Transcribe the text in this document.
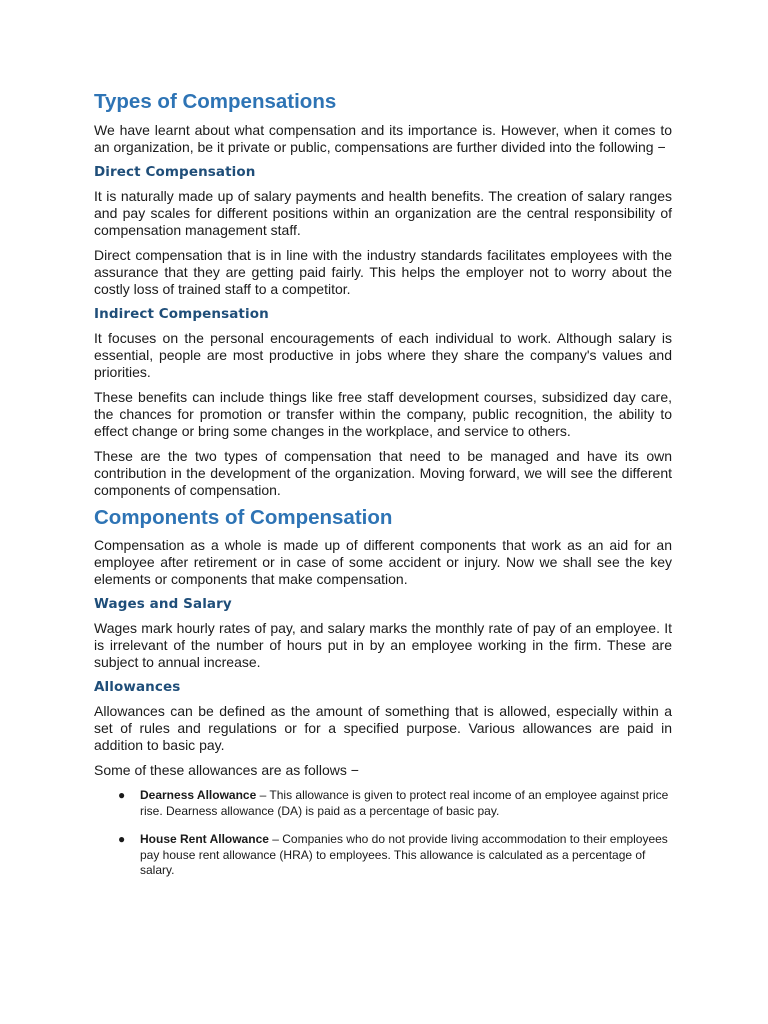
Types of Compensations

We have learnt about what compensation and its importance is. However, when it comes to an organization, be it private or public, compensations are further divided into the following −

Direct Compensation

It is naturally made up of salary payments and health benefits. The creation of salary ranges and pay scales for different positions within an organization are the central responsibility of compensation management staff.

Direct compensation that is in line with the industry standards facilitates employees with the assurance that they are getting paid fairly. This helps the employer not to worry about the costly loss of trained staff to a competitor.

Indirect Compensation

It focuses on the personal encouragements of each individual to work. Although salary is essential, people are most productive in jobs where they share the company's values and priorities.

These benefits can include things like free staff development courses, subsidized day care, the chances for promotion or transfer within the company, public recognition, the ability to effect change or bring some changes in the workplace, and service to others.

These are the two types of compensation that need to be managed and have its own contribution in the development of the organization. Moving forward, we will see the different components of compensation.

Components of Compensation

Compensation as a whole is made up of different components that work as an aid for an employee after retirement or in case of some accident or injury. Now we shall see the key elements or components that make compensation.

Wages and Salary

Wages mark hourly rates of pay, and salary marks the monthly rate of pay of an employee. It is irrelevant of the number of hours put in by an employee working in the firm. These are subject to annual increase.

Allowances

Allowances can be defined as the amount of something that is allowed, especially within a set of rules and regulations or for a specified purpose. Various allowances are paid in addition to basic pay.

Some of these allowances are as follows −

● Dearness Allowance – This allowance is given to protect real income of an employee against price rise. Dearness allowance (DA) is paid as a percentage of basic pay.
● House Rent Allowance – Companies who do not provide living accommodation to their employees pay house rent allowance (HRA) to employees. This allowance is calculated as a percentage of salary.
